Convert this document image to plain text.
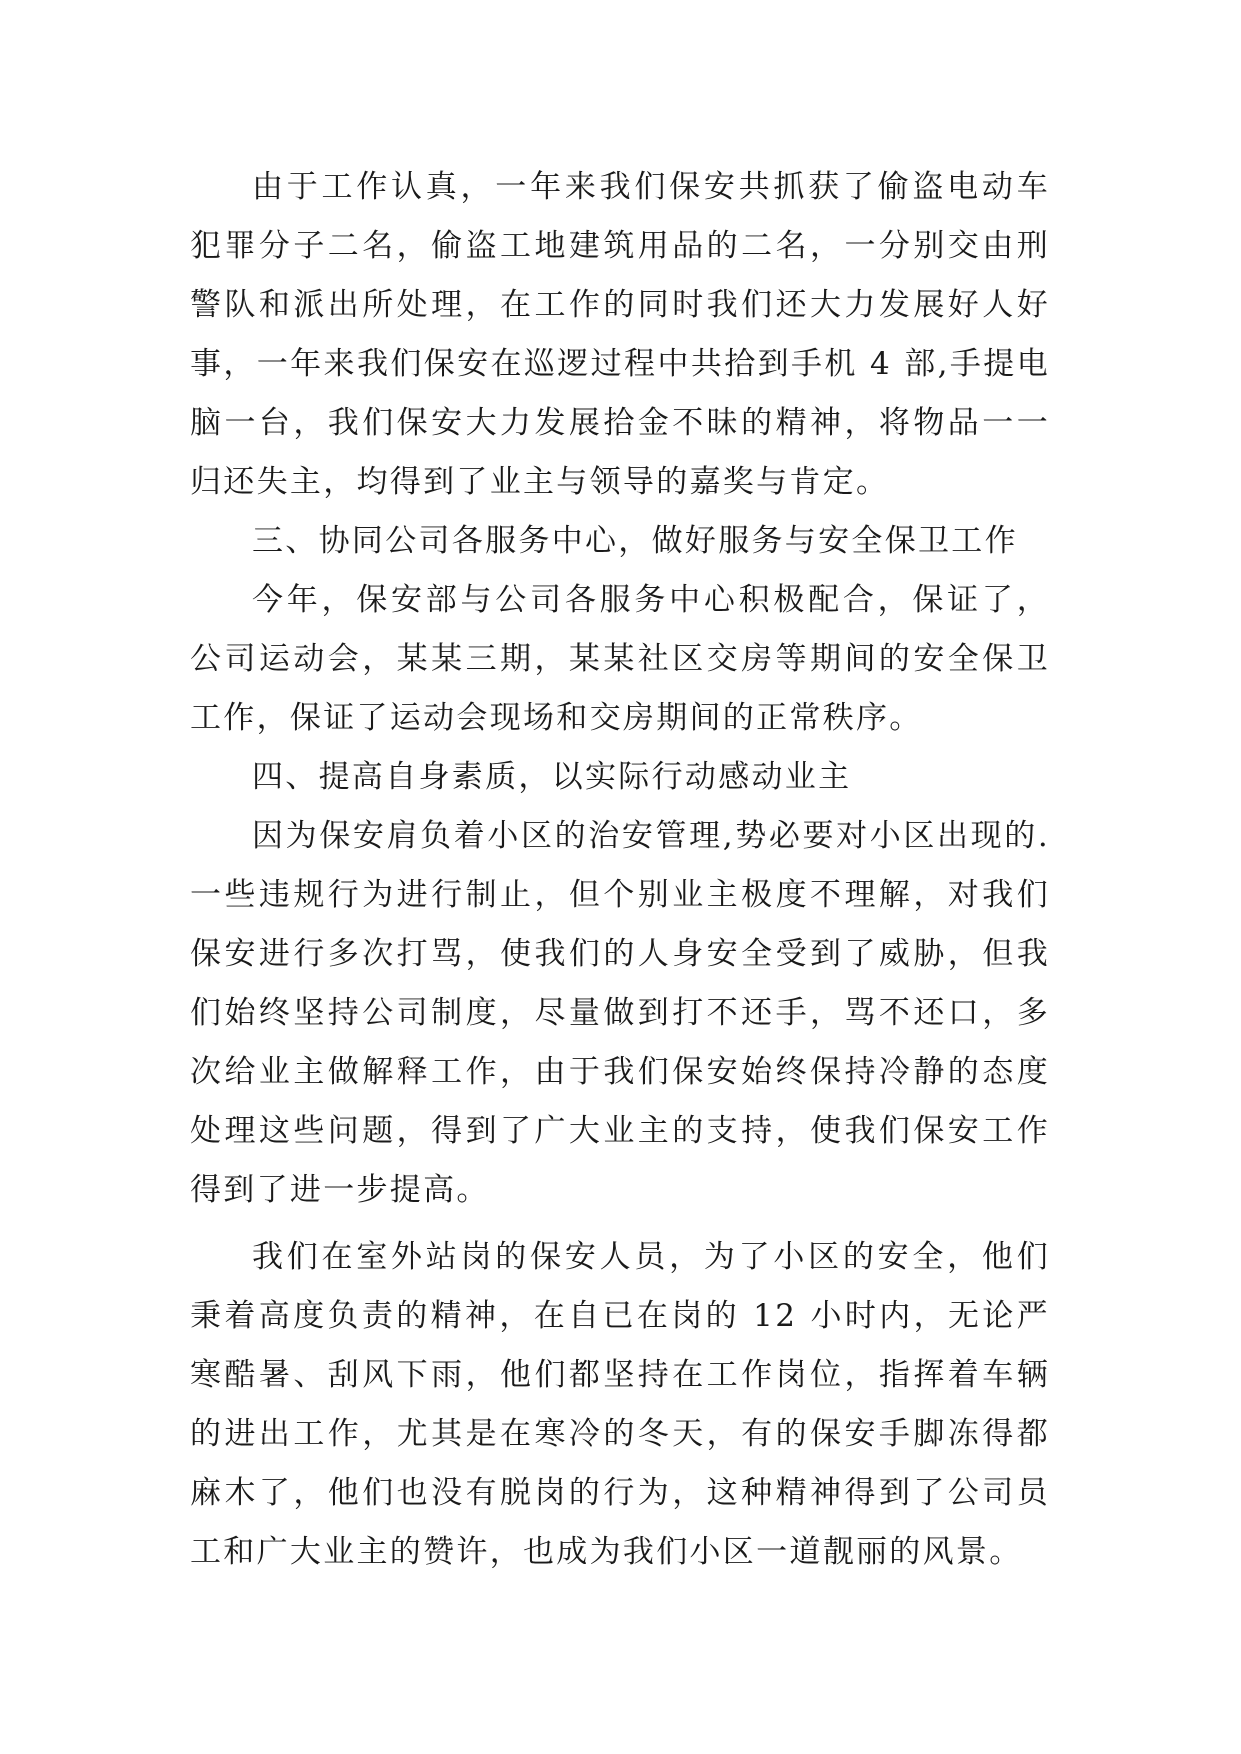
由于工作认真，一年来我们保安共抓获了偷盗电动车犯罪分子二名，偷盗工地建筑用品的二名，一分别交由刑警队和派出所处理，在工作的同时我们还大力发展好人好事，一年来我们保安在巡逻过程中共拾到手机 4 部,手提电脑一台，我们保安大力发展拾金不昧的精神，将物品一一归还失主，均得到了业主与领导的嘉奖与肯定。

三、协同公司各服务中心，做好服务与安全保卫工作

今年，保安部与公司各服务中心积极配合，保证了，公司运动会，某某三期，某某社区交房等期间的安全保卫工作，保证了运动会现场和交房期间的正常秩序。

四、提高自身素质，以实际行动感动业主

因为保安肩负着小区的治安管理,势必要对小区出现的.一些违规行为进行制止，但个别业主极度不理解，对我们保安进行多次打骂，使我们的人身安全受到了威胁，但我们始终坚持公司制度，尽量做到打不还手，骂不还口，多次给业主做解释工作，由于我们保安始终保持冷静的态度处理这些问题，得到了广大业主的支持，使我们保安工作得到了进一步提高。

我们在室外站岗的保安人员，为了小区的安全，他们秉着高度负责的精神，在自已在岗的 12 小时内，无论严寒酷暑、刮风下雨，他们都坚持在工作岗位，指挥着车辆的进出工作，尤其是在寒冷的冬天，有的保安手脚冻得都麻木了，他们也没有脱岗的行为，这种精神得到了公司员工和广大业主的赞许，也成为我们小区一道靓丽的风景。
